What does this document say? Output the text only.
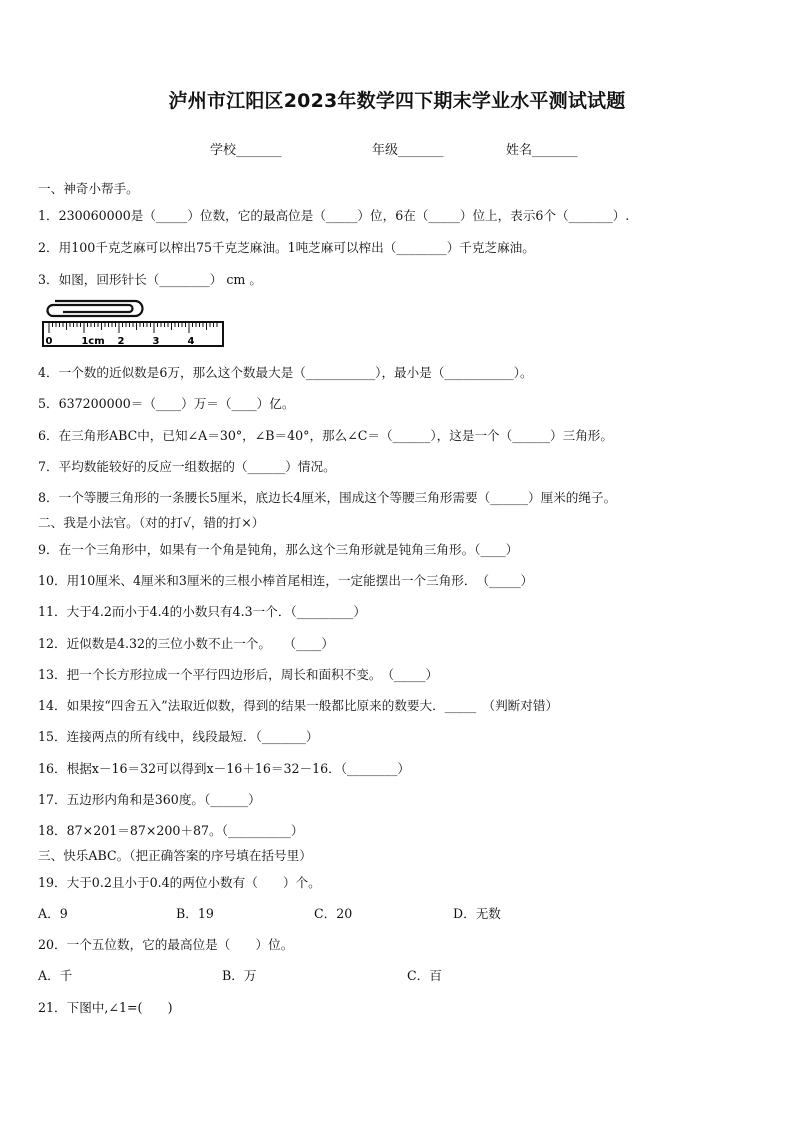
泸州市江阳区2023年数学四下期末学业水平测试试题
学校_______	年级_______	姓名_______
一、神奇小帮手。
1．230060000是（_____）位数，它的最高位是（_____）位，6在（_____）位上，表示6个（_______）.
2．用100千克芝麻可以榨出75千克芝麻油。1吨芝麻可以榨出（________）千克芝麻油。
3．如图，回形针长（________） cm 。
0	1cm 2	3	4
4．一个数的近似数是6万，那么这个数最大是（___________），最小是（___________）。
5．637200000＝（____）万＝（____）亿。
6．在三角形ABC中，已知∠A＝30°，∠B＝40°，那么∠C＝（______），这是一个（______）三角形。
7．平均数能较好的反应一组数据的（______）情况。
8．一个等腰三角形的一条腰长5厘米，底边长4厘米，围成这个等腰三角形需要（______）厘米的绳子。
二、我是小法官。（对的打√，错的打×）
9．在一个三角形中，如果有一个角是钝角，那么这个三角形就是钝角三角形。（____）
10．用10厘米、4厘米和3厘米的三根小棒首尾相连，一定能摆出一个三角形．　（_____）
11．大于4.2而小于4.4的小数只有4.3一个．（_________）
12．近似数是4.32的三位小数不止一个。　　（____）
13．把一个长方形拉成一个平行四边形后，周长和面积不变。　（_____）
14．如果按“四舍五入”法取近似数，得到的结果一般都比原来的数要大．_____　（判断对错）
15．连接两点的所有线中，线段最短．（_______）
16．根据x－16＝32可以得到x－16＋16＝32－16．（________）
17．五边形内角和是360度。（______）
18．87×201＝87×200＋87。（__________）
三、快乐ABC。（把正确答案的序号填在括号里）
19．大于0.2且小于0.4的两位小数有（　　）个。
A．9	B．19	C．20	D．无数
20．一个五位数，它的最高位是（　　）位。
A．千	B．万	C．百
21．下图中,∠1=(　　)
